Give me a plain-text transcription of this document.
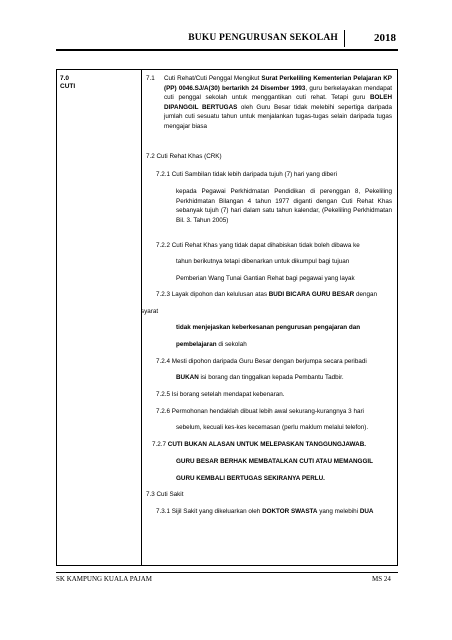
BUKU PENGURUSAN SEKOLAH	2018
7.0
CUTI
7.1 Cuti Rehat/Cuti Penggal Mengikut Surat Perkeliling Kementerian Pelajaran KP (PP) 0046.SJ/A(30) bertarikh 24 Disember 1993, guru berkelayakan mendapat cuti penggal sekolah untuk menggantikan cuti rehat. Tetapi guru BOLEH DIPANGGIL BERTUGAS oleh Guru Besar tidak melebihi sepertiga daripada jumlah cuti sesuatu tahun untuk menjalankan tugas-tugas selain daripada tugas mengajar biasa
7.2 Cuti Rehat Khas (CRK)
7.2.1 Cuti Sambilan tidak lebih daripada tujuh (7) hari yang diberi
kepada Pegawai Perkhidmatan Pendidikan di perenggan 8, Pekeliling Perkhidmatan Bilangan 4 tahun 1977 diganti dengan Cuti Rehat Khas sebanyak tujuh (7) hari dalam satu tahun kalendar, (Pekeliling Perkhidmatan Bil. 3. Tahun 2005)
7.2.2 Cuti Rehat Khas yang tidak dapat dihabiskan tidak boleh dibawa ke
tahun berikutnya tetapi dibenarkan untuk dikumpul bagi tujuan
Pemberian Wang Tunai Gantian Rehat bagi pegawai yang layak
7.2.3 Layak dipohon dan kelulusan atas BUDI BICARA GURU BESAR dengan
syarat
tidak menjejaskan keberkesanan pengurusan pengajaran dan
pembelajaran di sekolah
7.2.4 Mesti dipohon daripada Guru Besar dengan berjumpa secara peribadi
BUKAN isi borang dan tinggalkan kepada Pembantu Tadbir.
7.2.5 Isi borang setelah mendapat kebenaran.
7.2.6 Permohonan hendaklah dibuat lebih awal sekurang-kurangnya 3 hari
sebelum, kecuali kes-kes kecemasan (perlu maklum melalui telefon).
7.2.7 CUTI BUKAN ALASAN UNTUK MELEPASKAN TANGGUNGJAWAB.
GURU BESAR BERHAK MEMBATALKAN CUTI ATAU MEMANGGIL
GURU KEMBALI BERTUGAS SEKIRANYA PERLU.
7.3 Cuti Sakit
7.3.1 Sijil Sakit yang dikeluarkan oleh DOKTOR SWASTA yang melebihi DUA
SK KAMPUNG KUALA PAJAM	MS 24
